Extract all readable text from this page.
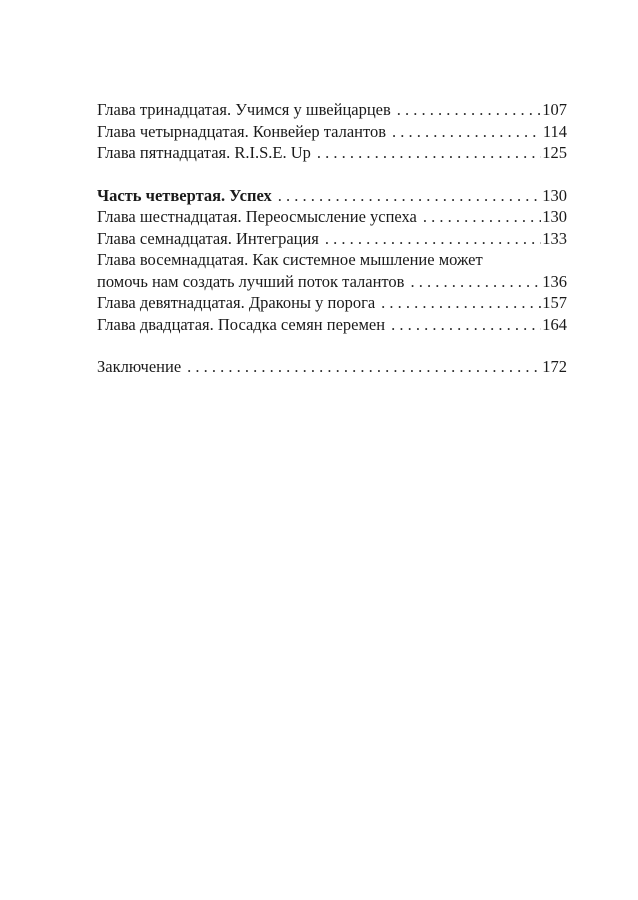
Глава тринадцатая. Учимся у швейцарцев . . .	107
Глава четырнадцатая. Конвейер талантов . . .	114
Глава пятнадцатая. R.I.S.E. Up . . .	125
Часть четвертая. Успех . . .	130
Глава шестнадцатая. Переосмысление успеха . . .	130
Глава семнадцатая. Интеграция . . .	133
Глава восемнадцатая. Как системное мышление может
помочь нам создать лучший поток талантов . . .	136
Глава девятнадцатая. Драконы у порога . . .	157
Глава двадцатая. Посадка семян перемен . . .	164
Заключение . . .	172
